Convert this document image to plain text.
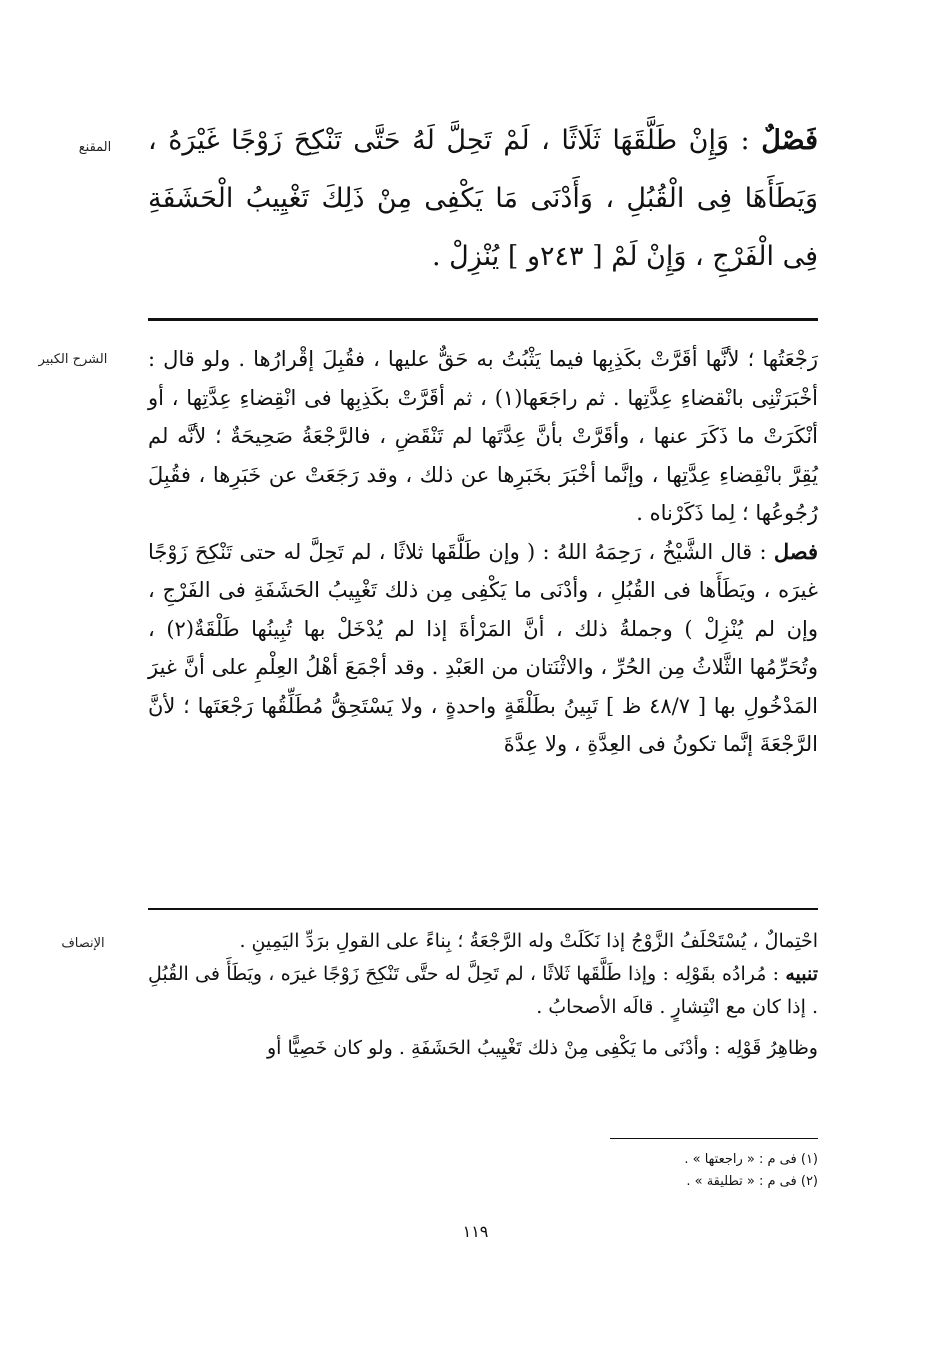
المقنع	فَصْلٌ : وَإِنْ طَلَّقَهَا ثَلَاثًا ، لَمْ تَحِلَّ لَهُ حَتَّى تَنْكِحَ زَوْجًا غَيْرَهُ ، وَيَطَأَهَا فِى الْقُبُلِ ، وَأَدْنَى مَا يَكْفِى مِنْ ذَلِكَ تَغْيِيبُ الْحَشَفَةِ فِى الْفَرْجِ ، وَإِنْ لَمْ [ ٢٤٣و ] يُنْزِلْ .

الشرح الكبير	رَجْعَتُها ؛ لأنَّها أقَرَّتْ بكَذِبِها فيما يَثْبُتُ به حَقٌّ عليها ، فقُبِلَ إقْرارُها . ولو قال : أخْبَرَتْنِى بانْقضاءِ عِدَّتِها . ثم راجَعَها(١) ، ثم أقَرَّتْ بكَذِبِها فى انْقِضاءِ عِدَّتِها ، أو أنْكَرَتْ ما ذَكَرَ عنها ، وأقَرَّتْ بأنَّ عِدَّتَها لم تَنْقَضِ ، فالرَّجْعَةُ صَحِيحَةٌ ؛ لأنَّه لم يُقِرَّ بانْقِضاءِ عِدَّتِها ، وإنَّما أخْبَرَ بخَبَرِها عن ذلك ، وقد رَجَعَتْ عن خَبَرِها ، فقُبِلَ رُجُوعُها ؛ لِما ذَكَرْناه .

فصل : قال الشَّيْخُ ، رَحِمَهُ اللهُ : ( وإن طَلَّقَها ثلاثًا ، لم تَحِلَّ له حتى تَنْكِحَ زَوْجًا غيرَه ، ويَطَأَها فى القُبُلِ ، وأدْنَى ما يَكْفِى مِن ذلك تَغْيِيبُ الحَشَفَةِ فى الفَرْجِ ، وإن لم يُنْزِلْ ) وجملةُ ذلك ، أنَّ المَرْأةَ إذا لم يُدْخَلْ بها تُبِينُها طَلْقَةٌ(٢) ، وتُحَرِّمُها الثَّلاثُ مِن الحُرِّ ، والاثْنَتان من العَبْدِ . وقد أجْمَعَ أهْلُ العِلْمِ على أنَّ غيرَ المَدْخُولِ بها [ ٤٨/٧ ظ ] تَبِينُ بطَلْقَةٍ واحدةٍ ، ولا يَسْتَحِقُّ مُطَلِّقُها رَجْعَتَها ؛ لأنَّ الرَّجْعَةَ إنَّما تكونُ فى العِدَّةِ ، ولا عِدَّةَ

الإنصاف	احْتِمالٌ ، يُسْتَحْلَفُ الزَّوْجُ إذا نَكَلَتْ وله الرَّجْعَةُ ؛ بِناءً على القولِ برَدِّ اليَمِينِ .

تنبيه : مُرادُه بقَوْلِه : وإذا طَلَّقَها ثَلاثًا ، لم تَحِلَّ له حتَّى تَنْكِحَ زَوْجًا غيرَه ، ويَطَأَ فى القُبُلِ . إذا كان مع انْتِشارٍ . قالَه الأصحابُ .

وظاهِرُ قَوْلِه : وأدْنَى ما يَكْفِى مِنْ ذلك تَغْيِيبُ الحَشَفَةِ . ولو كان خَصِيًّا أو

(١) فى م : « راجعتها » .
(٢) فى م : « تطليقة » .
١١٩
